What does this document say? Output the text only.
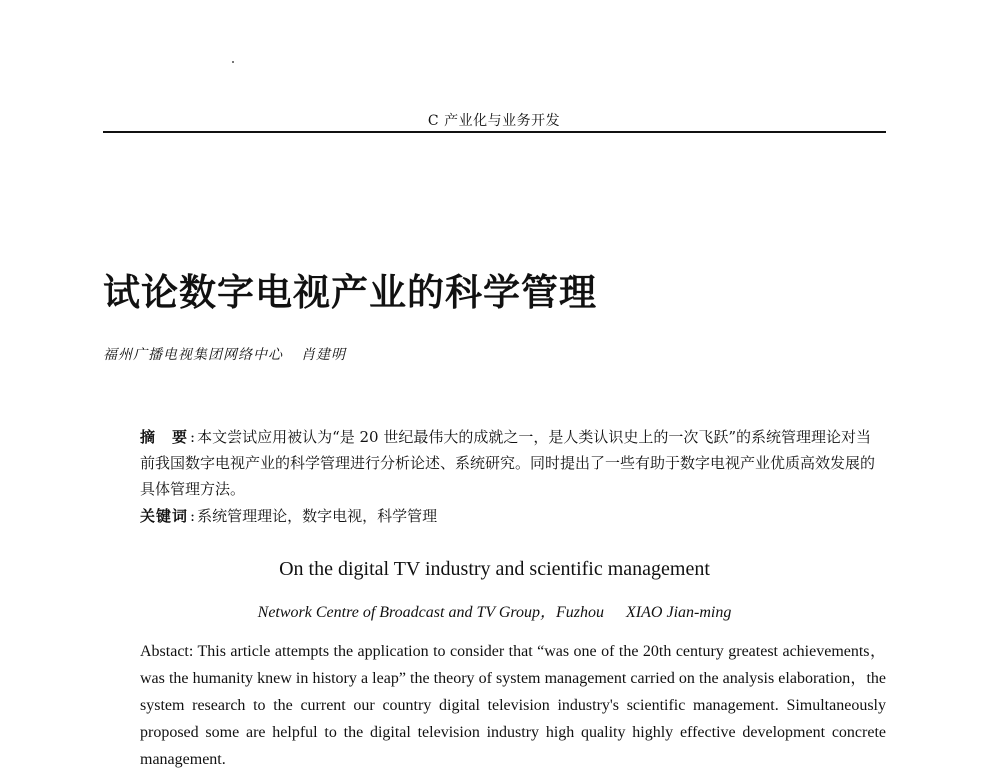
C 产业化与业务开发
试论数字电视产业的科学管理
福州广播电视集团网络中心 肖建明
摘　要 : 本文尝试应用被认为“是 20 世纪最伟大的成就之一，是人类认识史上的一次飞跃”的系统管理理论对当前我国数字电视产业的科学管理进行分析论述、系统研究。同时提出了一些有助于数字电视产业优质高效发展的具体管理方法。
关键词 : 系统管理理论，数字电视，科学管理
On the digital TV industry and scientific management
Network Centre of Broadcast and TV Group，Fuzhou XIAO Jian-ming
Abstact: This article attempts the application to consider that “was one of the 20th century greatest achievements，was the humanity knew in history a leap” the theory of system management carried on the analysis elaboration，the system research to the current our country digital television industry's scientific management. Simultaneously proposed some are helpful to the digital television industry high quality highly effective development concrete management.
